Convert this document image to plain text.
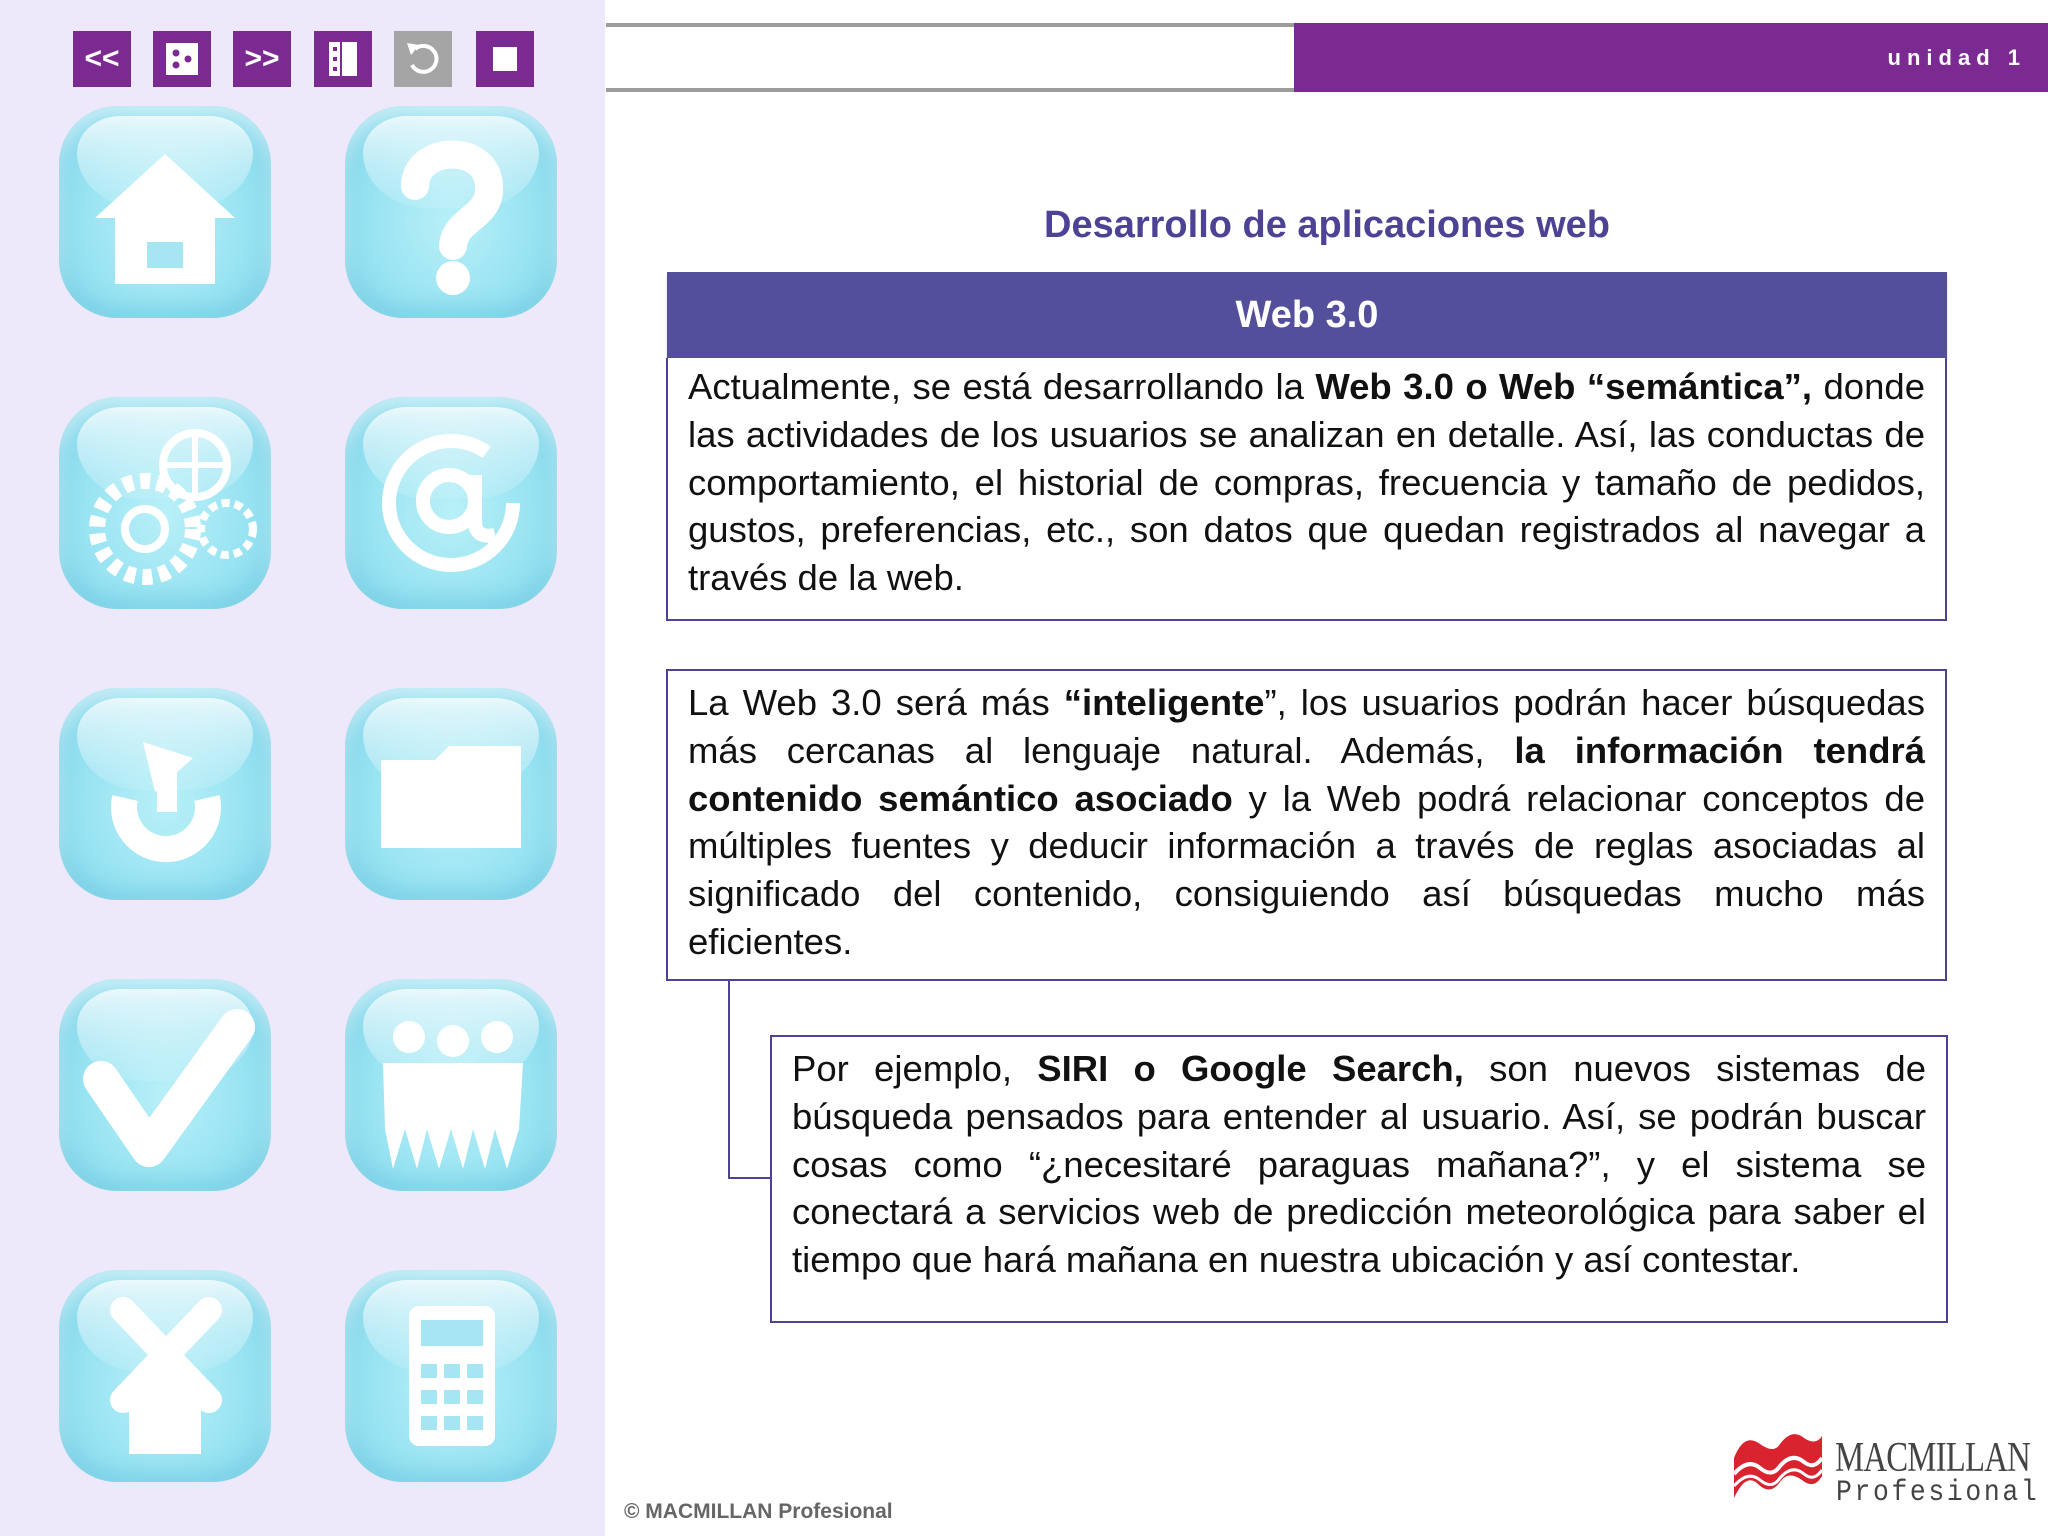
<<	>>	unidad 1
Desarrollo de aplicaciones web
Web 3.0
Actualmente, se está desarrollando la Web 3.0 o Web “semántica”, donde las actividades de los usuarios se analizan en detalle. Así, las conductas de comportamiento, el historial de compras, frecuencia y tamaño de pedidos, gustos, preferencias, etc., son datos que quedan registrados al navegar a través de la web.
La Web 3.0 será más “inteligente”, los usuarios podrán hacer búsquedas más cercanas al lenguaje natural. Además, la información tendrá contenido semántico asociado y la Web podrá relacionar conceptos de múltiples fuentes y deducir información a través de reglas asociadas al significado del contenido, consiguiendo así búsquedas mucho más eficientes.
Por ejemplo, SIRI o Google Search, son nuevos sistemas de búsqueda pensados para entender al usuario. Así, se podrán buscar cosas como “¿necesitaré paraguas mañana?”, y el sistema se conectará a servicios web de predicción meteorológica para saber el tiempo que hará mañana en nuestra ubicación y así contestar.
© MACMILLAN Profesional
MACMILLAN
Profesional
